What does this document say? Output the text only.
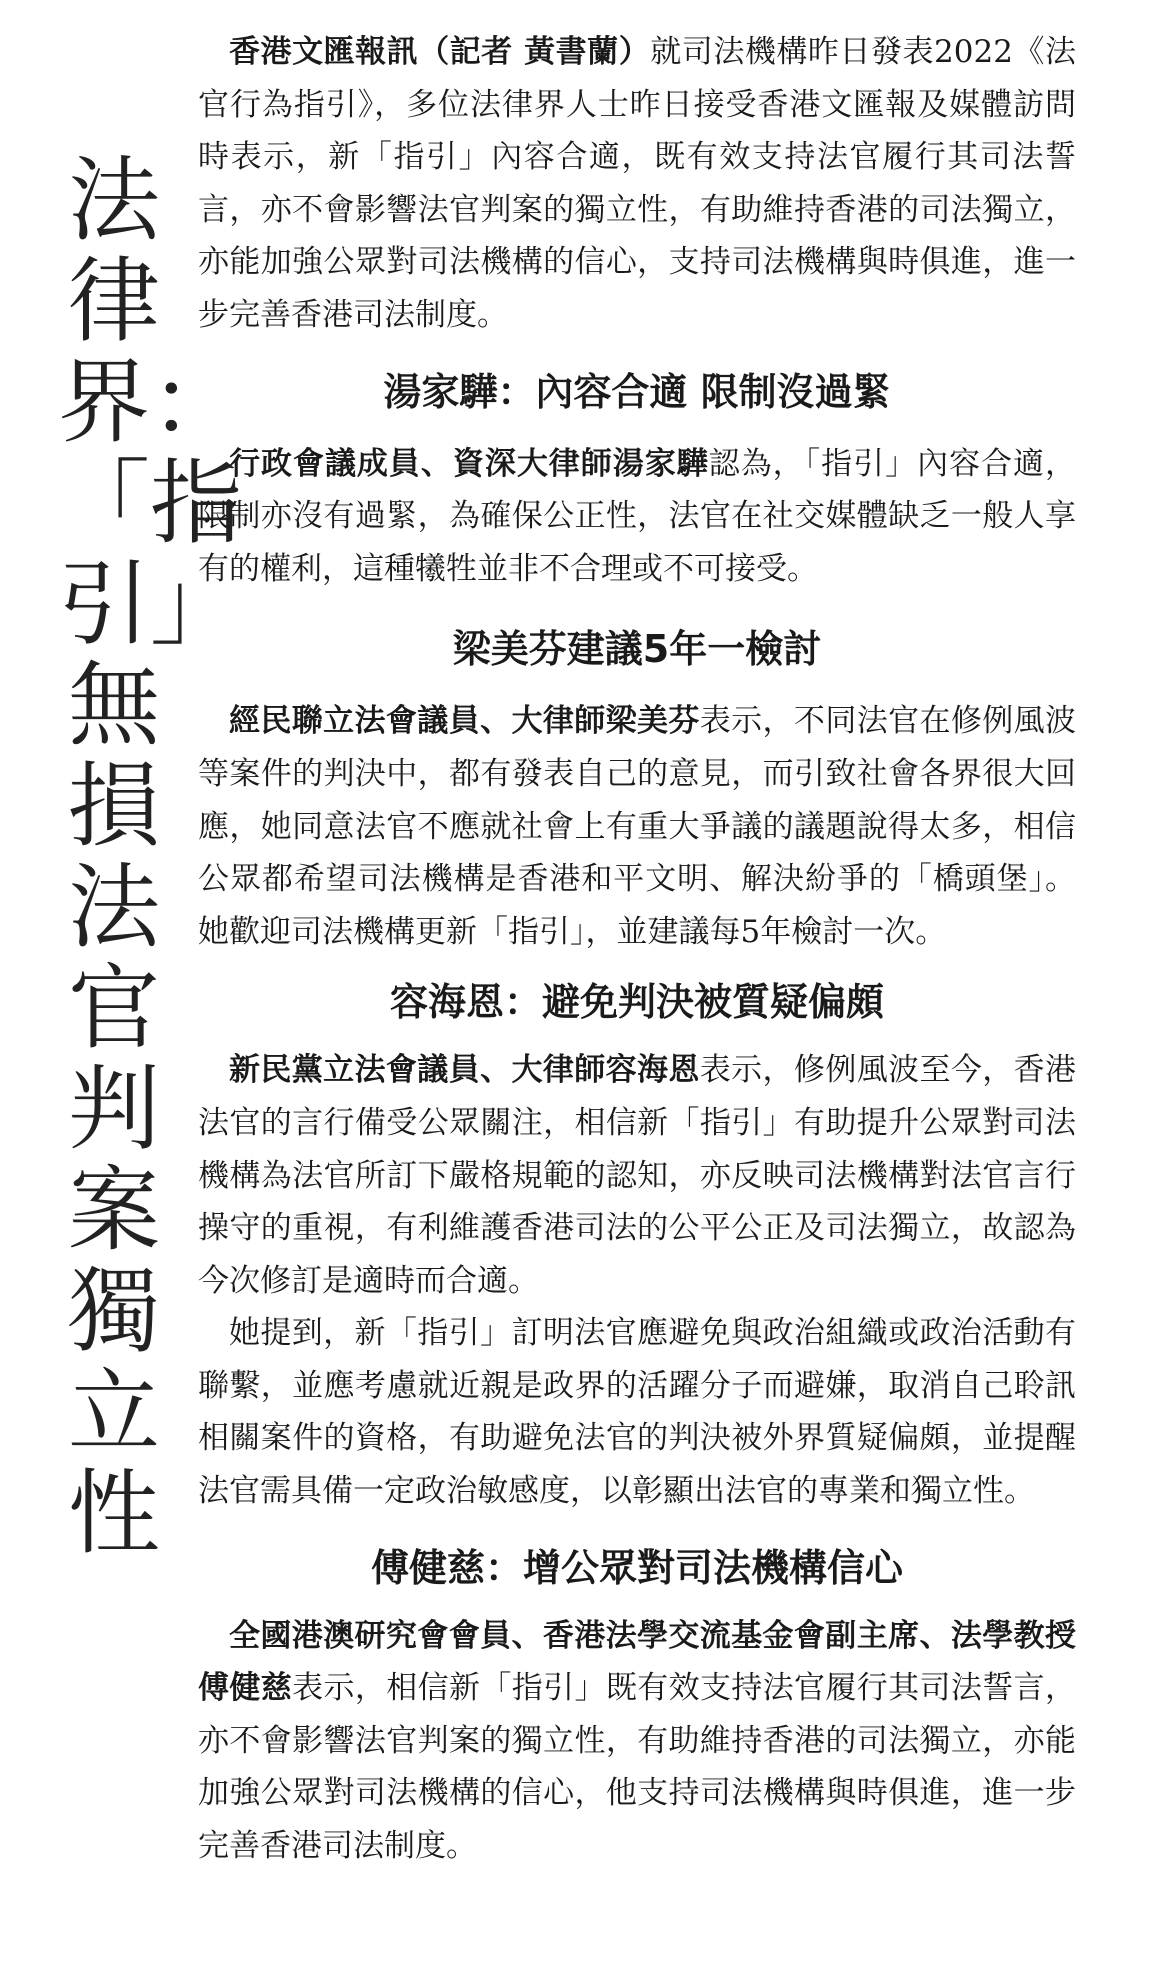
法律界：「指引」無損法官判案獨立性

香港文匯報訊（記者 黃書蘭）就司法機構昨日發表2022《法官行為指引》，多位法律界人士昨日接受香港文匯報及媒體訪問時表示，新「指引」內容合適，既有效支持法官履行其司法誓言，亦不會影響法官判案的獨立性，有助維持香港的司法獨立，亦能加強公眾對司法機構的信心，支持司法機構與時俱進，進一步完善香港司法制度。

湯家驊：內容合適 限制沒過緊

行政會議成員、資深大律師湯家驊認為，「指引」內容合適，限制亦沒有過緊，為確保公正性，法官在社交媒體缺乏一般人享有的權利，這種犧牲並非不合理或不可接受。

梁美芬建議5年一檢討

經民聯立法會議員、大律師梁美芬表示，不同法官在修例風波等案件的判決中，都有發表自己的意見，而引致社會各界很大回應，她同意法官不應就社會上有重大爭議的議題說得太多，相信公眾都希望司法機構是香港和平文明、解決紛爭的「橋頭堡」。她歡迎司法機構更新「指引」，並建議每5年檢討一次。

容海恩：避免判決被質疑偏頗

新民黨立法會議員、大律師容海恩表示，修例風波至今，香港法官的言行備受公眾關注，相信新「指引」有助提升公眾對司法機構為法官所訂下嚴格規範的認知，亦反映司法機構對法官言行操守的重視，有利維護香港司法的公平公正及司法獨立，故認為今次修訂是適時而合適。

她提到，新「指引」訂明法官應避免與政治組織或政治活動有聯繫，並應考慮就近親是政界的活躍分子而避嫌，取消自己聆訊相關案件的資格，有助避免法官的判決被外界質疑偏頗，並提醒法官需具備一定政治敏感度，以彰顯出法官的專業和獨立性。

傅健慈：增公眾對司法機構信心

全國港澳研究會會員、香港法學交流基金會副主席、法學教授傅健慈表示，相信新「指引」既有效支持法官履行其司法誓言，亦不會影響法官判案的獨立性，有助維持香港的司法獨立，亦能加強公眾對司法機構的信心，他支持司法機構與時俱進，進一步完善香港司法制度。
